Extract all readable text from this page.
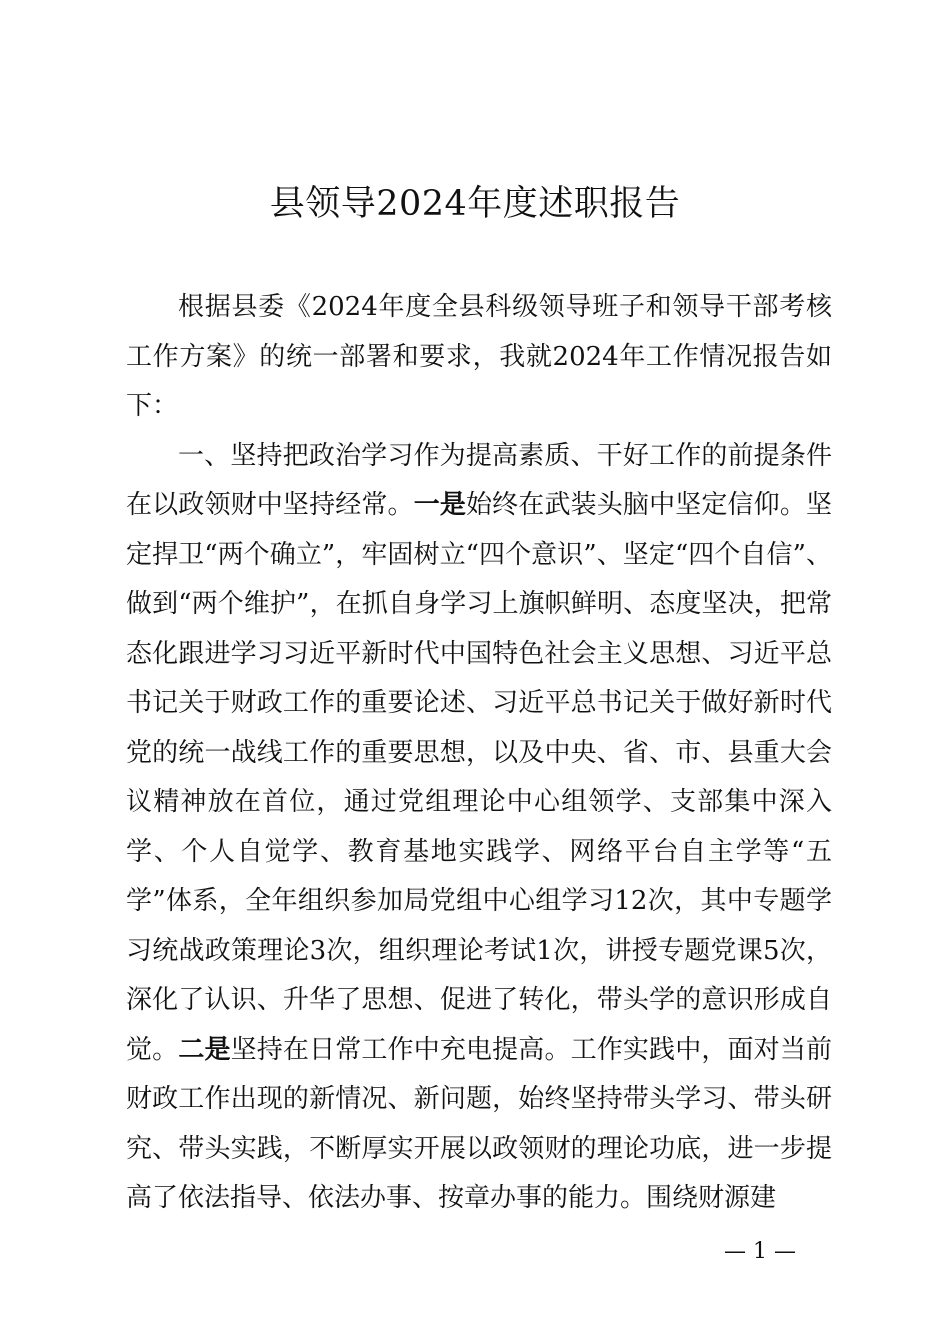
县领导2024年度述职报告

根据县委《2024年度全县科级领导班子和领导干部考核工作方案》的统一部署和要求，我就2024年工作情况报告如下：

一、坚持把政治学习作为提高素质、干好工作的前提条件在以政领财中坚持经常。一是始终在武装头脑中坚定信仰。坚定捍卫“两个确立”，牢固树立“四个意识”、坚定“四个自信”、做到“两个维护”，在抓自身学习上旗帜鲜明、态度坚决，把常态化跟进学习习近平新时代中国特色社会主义思想、习近平总书记关于财政工作的重要论述、习近平总书记关于做好新时代党的统一战线工作的重要思想，以及中央、省、市、县重大会议精神放在首位，通过党组理论中心组领学、支部集中深入学、个人自觉学、教育基地实践学、网络平台自主学等“五学”体系，全年组织参加局党组中心组学习12次，其中专题学习统战政策理论3次，组织理论考试1次，讲授专题党课5次，深化了认识、升华了思想、促进了转化，带头学的意识形成自觉。二是坚持在日常工作中充电提高。工作实践中，面对当前财政工作出现的新情况、新问题，始终坚持带头学习、带头研究、带头实践，不断厚实开展以政领财的理论功底，进一步提高了依法指导、依法办事、按章办事的能力。围绕财源建

— 1 —
